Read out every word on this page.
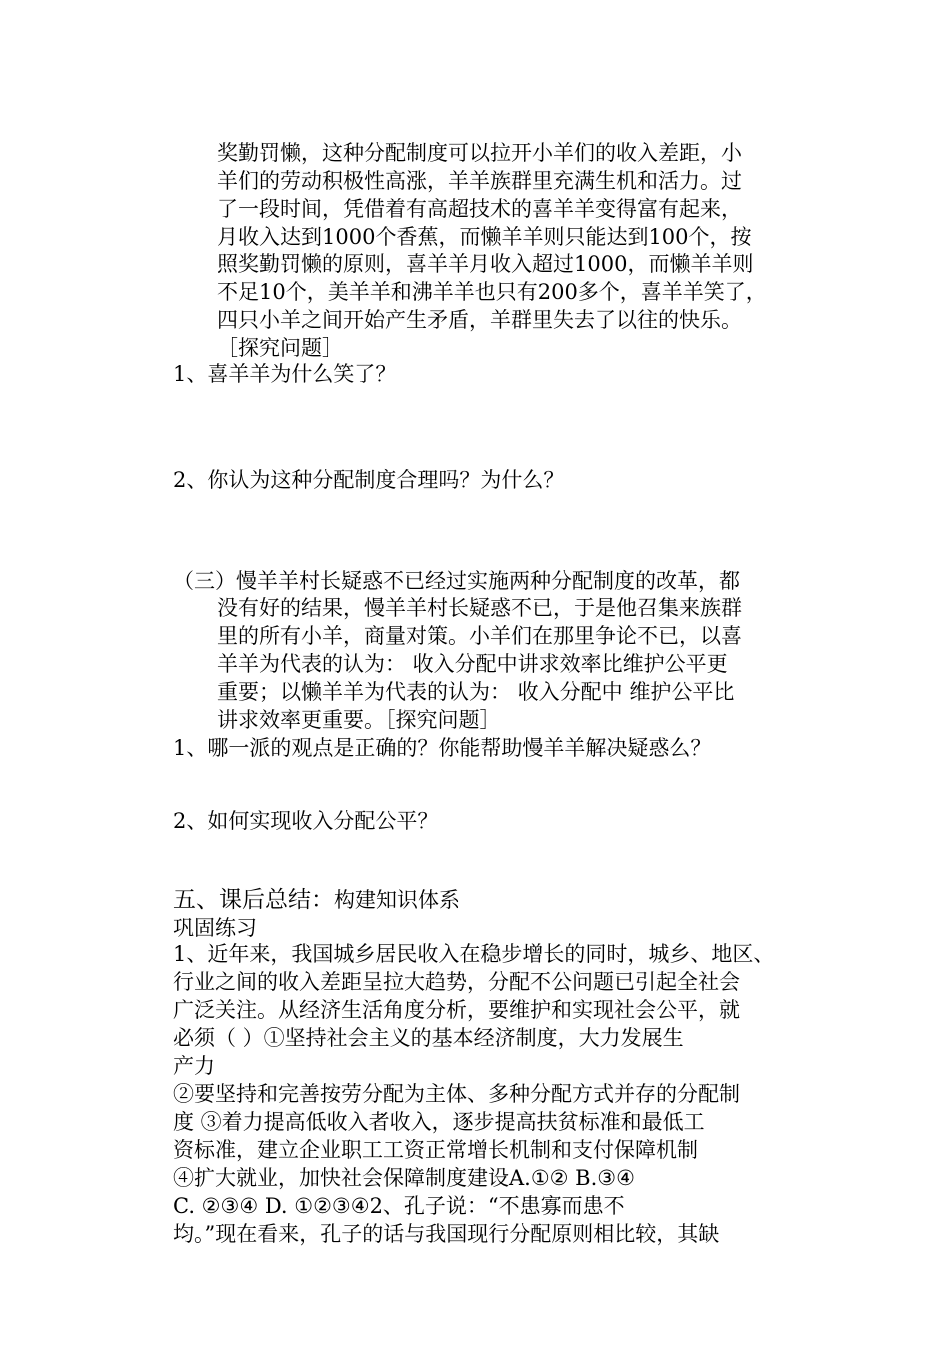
奖勤罚懒，这种分配制度可以拉开小羊们的收入差距，小
羊们的劳动积极性高涨，羊羊族群里充满生机和活力。过
了一段时间，凭借着有高超技术的喜羊羊变得富有起来，
月收入达到1000个香蕉，而懒羊羊则只能达到100个，按
照奖勤罚懒的原则，喜羊羊月收入超过1000，而懒羊羊则
不足10个，美羊羊和沸羊羊也只有200多个，喜羊羊笑了，
四只小羊之间开始产生矛盾，羊群里失去了以往的快乐。
［探究问题］
1、喜羊羊为什么笑了？
2、你认为这种分配制度合理吗？为什么？
（三）慢羊羊村长疑惑不已经过实施两种分配制度的改革，都
没有好的结果，慢羊羊村长疑惑不已，于是他召集来族群
里的所有小羊，商量对策。小羊们在那里争论不已，以喜
羊羊为代表的认为： 收入分配中讲求效率比维护公平更
重要；以懒羊羊为代表的认为： 收入分配中 维护公平比
讲求效率更重要。［探究问题］
1、哪一派的观点是正确的？你能帮助慢羊羊解决疑惑么？
2、如何实现收入分配公平？
五、课后总结：构建知识体系
巩固练习
1、近年来，我国城乡居民收入在稳步增长的同时，城乡、地区、
行业之间的收入差距呈拉大趋势，分配不公问题已引起全社会
广泛关注。从经济生活角度分析，要维护和实现社会公平，就
必须（ ）①坚持社会主义的基本经济制度，大力发展生
产力
②要坚持和完善按劳分配为主体、多种分配方式并存的分配制
度 ③着力提高低收入者收入，逐步提高扶贫标准和最低工
资标准，建立企业职工工资正常增长机制和支付保障机制
④扩大就业，加快社会保障制度建设A.①② B.③④
C. ②③④ D. ①②③④2、孔子说：“不患寡而患不
均。”现在看来，孔子的话与我国现行分配原则相比较，其缺
